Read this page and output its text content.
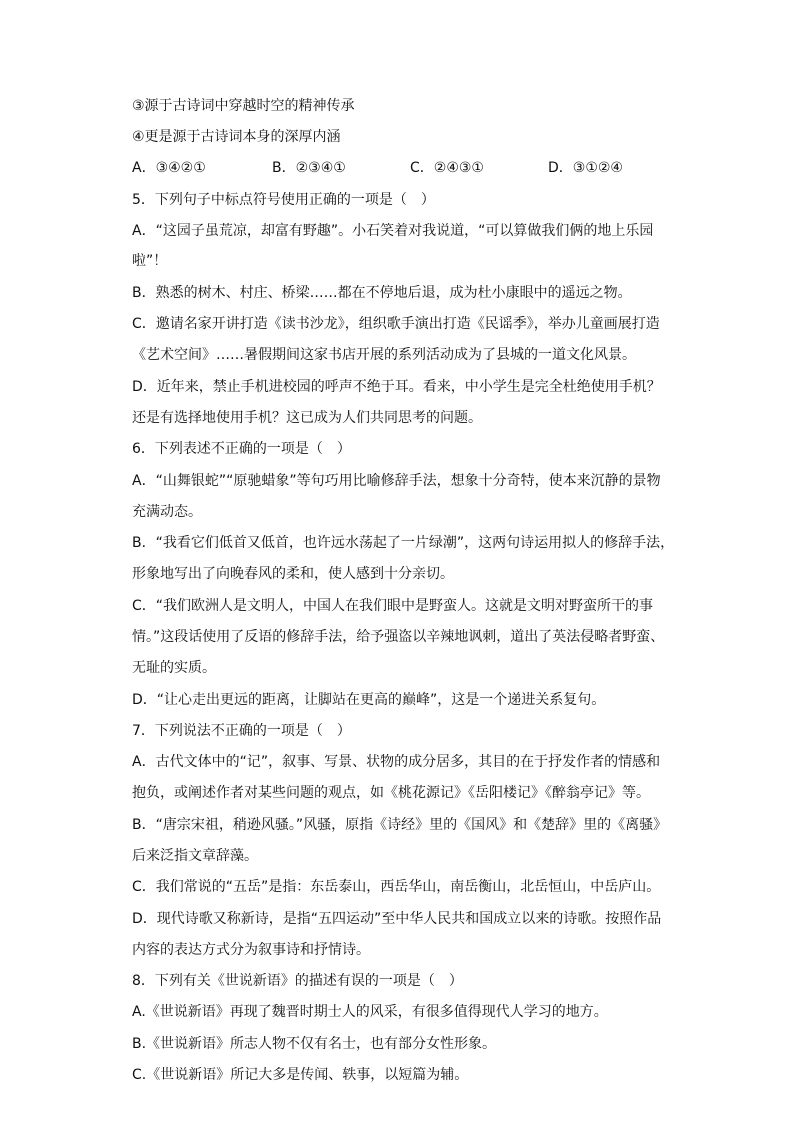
③源于古诗词中穿越时空的精神传承
④更是源于古诗词本身的深厚内涵
A．③④②①	B．②③④①	C．②④③①	D．③①②④
5．下列句子中标点符号使用正确的一项是（　）
A．“这园子虽荒凉，却富有野趣”。小石笑着对我说道，“可以算做我们俩的地上乐园
啦”！
B．熟悉的树木、村庄、桥梁……都在不停地后退，成为杜小康眼中的遥远之物。
C．邀请名家开讲打造《读书沙龙》，组织歌手演出打造《民谣季》，举办儿童画展打造
《艺术空间》……暑假期间这家书店开展的系列活动成为了县城的一道文化风景。
D．近年来，禁止手机进校园的呼声不绝于耳。看来，中小学生是完全杜绝使用手机？
还是有选择地使用手机？这已成为人们共同思考的问题。
6．下列表述不正确的一项是（　）
A．“山舞银蛇”“原驰蜡象”等句巧用比喻修辞手法，想象十分奇特，使本来沉静的景物
充满动态。
B．“我看它们低首又低首，也许远水荡起了一片绿潮”，这两句诗运用拟人的修辞手法，
形象地写出了向晚春风的柔和，使人感到十分亲切。
C．“我们欧洲人是文明人，中国人在我们眼中是野蛮人。这就是文明对野蛮所干的事
情。”这段话使用了反语的修辞手法，给予强盗以辛辣地讽刺，道出了英法侵略者野蛮、
无耻的实质。
D．“让心走出更远的距离，让脚站在更高的巅峰”，这是一个递进关系复句。
7．下列说法不正确的一项是（　）
A．古代文体中的“记”，叙事、写景、状物的成分居多，其目的在于抒发作者的情感和
抱负，或阐述作者对某些问题的观点，如《桃花源记》《岳阳楼记》《醉翁亭记》等。
B．“唐宗宋祖，稍逊风骚。”风骚，原指《诗经》里的《国风》和《楚辞》里的《离骚》
后来泛指文章辞藻。
C．我们常说的“五岳”是指：东岳泰山，西岳华山，南岳衡山，北岳恒山，中岳庐山。
D．现代诗歌又称新诗，是指“五四运动”至中华人民共和国成立以来的诗歌。按照作品
内容的表达方式分为叙事诗和抒情诗。
8．下列有关《世说新语》的描述有误的一项是（　）
A.《世说新语》再现了魏晋时期士人的风采，有很多值得现代人学习的地方。
B.《世说新语》所志人物不仅有名士，也有部分女性形象。
C.《世说新语》所记大多是传闻、轶事，以短篇为辅。
